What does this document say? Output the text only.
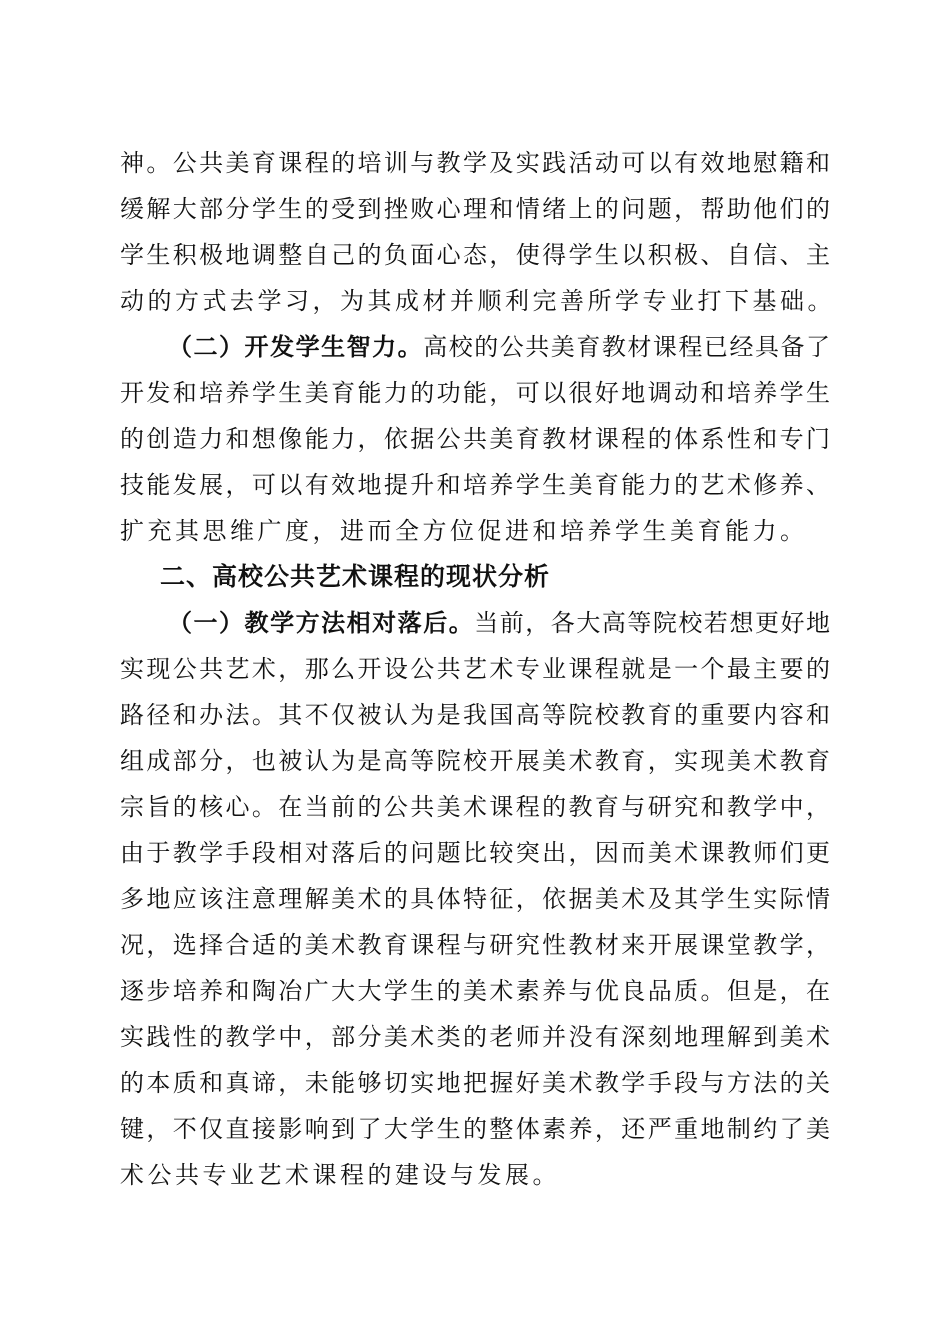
神。公共美育课程的培训与教学及实践活动可以有效地慰籍和
缓解大部分学生的受到挫败心理和情绪上的问题，帮助他们的
学生积极地调整自己的负面心态，使得学生以积极、自信、主
动的方式去学习，为其成材并顺利完善所学专业打下基础。
（二）开发学生智力。高校的公共美育教材课程已经具备了
开发和培养学生美育能力的功能，可以很好地调动和培养学生
的创造力和想像能力，依据公共美育教材课程的体系性和专门
技能发展，可以有效地提升和培养学生美育能力的艺术修养、
扩充其思维广度，进而全方位促进和培养学生美育能力。
二、高校公共艺术课程的现状分析
（一）教学方法相对落后。当前，各大高等院校若想更好地
实现公共艺术，那么开设公共艺术专业课程就是一个最主要的
路径和办法。其不仅被认为是我国高等院校教育的重要内容和
组成部分，也被认为是高等院校开展美术教育，实现美术教育
宗旨的核心。在当前的公共美术课程的教育与研究和教学中，
由于教学手段相对落后的问题比较突出，因而美术课教师们更
多地应该注意理解美术的具体特征，依据美术及其学生实际情
况，选择合适的美术教育课程与研究性教材来开展课堂教学，
逐步培养和陶冶广大大学生的美术素养与优良品质。但是，在
实践性的教学中，部分美术类的老师并没有深刻地理解到美术
的本质和真谛，未能够切实地把握好美术教学手段与方法的关
键，不仅直接影响到了大学生的整体素养，还严重地制约了美
术公共专业艺术课程的建设与发展。
